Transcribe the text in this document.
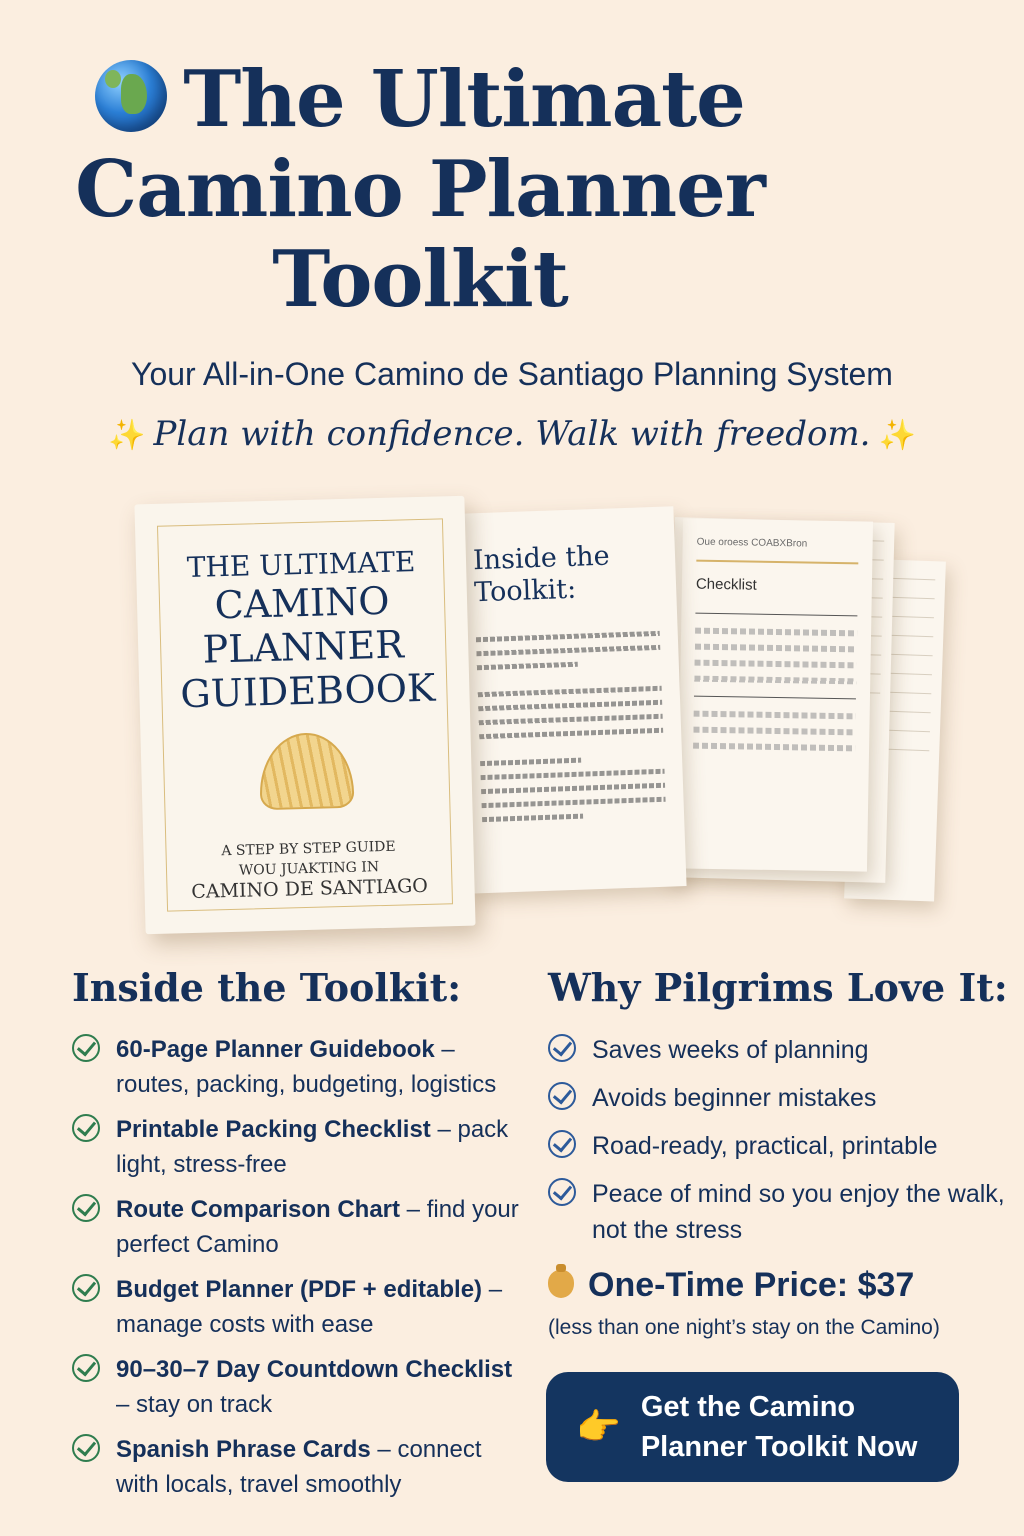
The Ultimate
Camino Planner
Toolkit
Your All-in-One Camino de Santiago Planning System
✨ Plan with confidence. Walk with freedom. ✨
Oue oroess COABXBron
Checklist
Inside the Toolkit:
THE ULTIMATE
CAMINO
PLANNER
GUIDEBOOK
A STEP BY STEP GUIDE
WOU JUAKTING IN
CAMINO DE SANTIAGO
Inside the Toolkit:
60-Page Planner Guidebook – routes, packing, budgeting, logistics
Printable Packing Checklist – pack light, stress-free
Route Comparison Chart – find your perfect Camino
Budget Planner (PDF + editable) – manage costs with ease
90–30–7 Day Countdown Checklist – stay on track
Spanish Phrase Cards – connect with locals, travel smoothly
Why Pilgrims Love It:
Saves weeks of planning
Avoids beginner mistakes
Road-ready, practical, printable
Peace of mind so you enjoy the walk, not the stress
One-Time Price: $37
(less than one night’s stay on the Camino)
👉 Get the Camino Planner Toolkit Now
